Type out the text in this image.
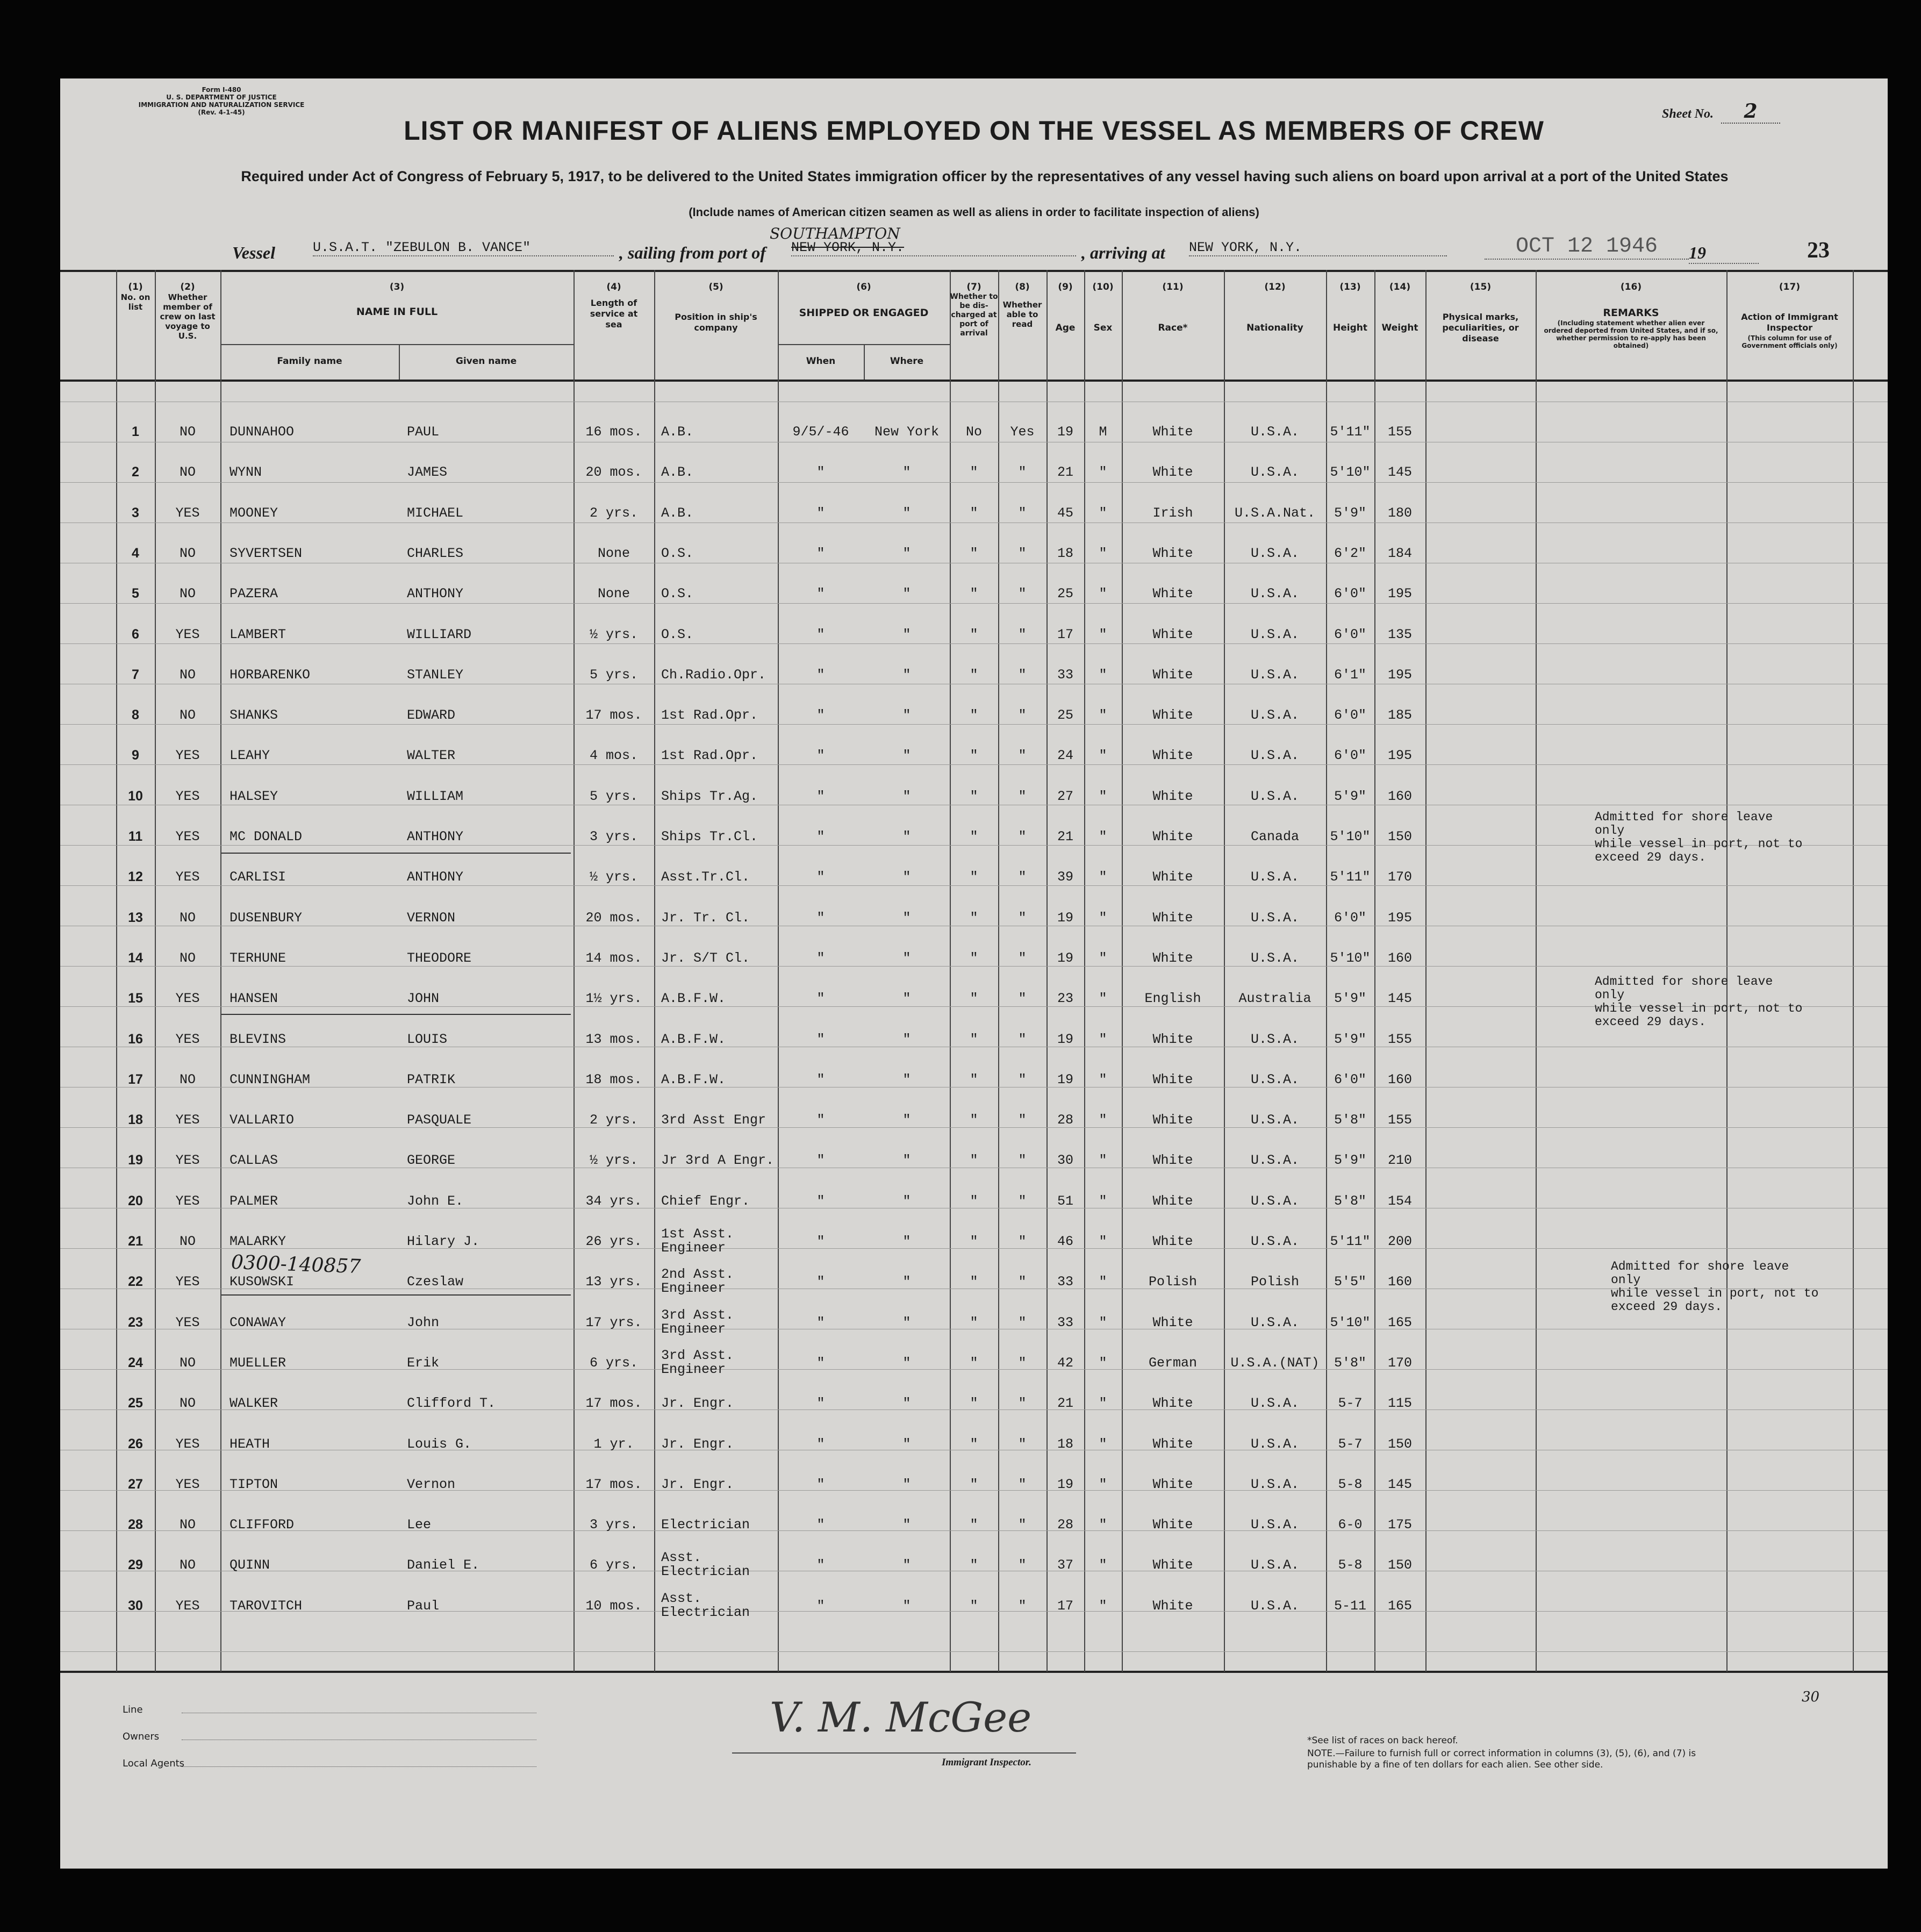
Form I-480
U. S. DEPARTMENT OF JUSTICE
IMMIGRATION AND NATURALIZATION SERVICE
(Rev. 4-1-45)	Sheet No. 2
LIST OR MANIFEST OF ALIENS EMPLOYED ON THE VESSEL AS MEMBERS OF CREW
Required under Act of Congress of February 5, 1917, to be delivered to the United States immigration officer by the representatives of any vessel having such aliens on board upon arrival at a port of the United States
(Include names of American citizen seamen as well as aliens in order to facilitate inspection of aliens)
Vessel	U.S.A.T. "ZEBULON B. VANCE"	, sailing from port of
SOUTHAMPTON
NEW YORK, N.Y.	, arriving at NEW YORK, N.Y.	OCT 12 1946	19	23
(1)
No. on list
(2)
Whether member of crew on last voyage to U.S.
(3)
NAME IN FULL
Family name	Given name
(4)
Length of service at sea
(5)
Position in ship's company
(6)
SHIPPED OR ENGAGED
When	Where
(7)
Whether to be dis-charged at port of arrival
(8)
Whether able to read
(9)
Age
(10)
Sex
(11)
Race*
(12)
Nationality
(13)
Height
(14)
Weight
(15)
Physical marks, peculiarities, or disease
(16)
REMARKS
(Including statement whether alien ever ordered deported from United States, and if so, whether permission to re-apply has been obtained)
(17)
Action of Immigrant Inspector
(This column for use of Government officials only)
1	NO	DUNNAHOO	PAUL	16 mos.	A.B.	9/5/-46	New York	No	Yes	19	M	White	U.S.A.	5'11"	155
2	NO	WYNN	JAMES	20 mos.	A.B.	"	"	"	"	21	"	White	U.S.A.	5'10"	145
3	YES	MOONEY	MICHAEL	2 yrs.	A.B.	"	"	"	"	45	"	Irish	U.S.A.Nat.	5'9"	180
4	NO	SYVERTSEN	CHARLES	None	O.S.	"	"	"	"	18	"	White	U.S.A.	6'2"	184
5	NO	PAZERA	ANTHONY	None	O.S.	"	"	"	"	25	"	White	U.S.A.	6'0"	195
6	YES	LAMBERT	WILLIARD	½ yrs.	O.S.	"	"	"	"	17	"	White	U.S.A.	6'0"	135
7	NO	HORBARENKO	STANLEY	5 yrs.	Ch.Radio.Opr.	"	"	"	"	33	"	White	U.S.A.	6'1"	195
8	NO	SHANKS	EDWARD	17 mos.	1st Rad.Opr.	"	"	"	"	25	"	White	U.S.A.	6'0"	185
9	YES	LEAHY	WALTER	4 mos.	1st Rad.Opr.	"	"	"	"	24	"	White	U.S.A.	6'0"	195
10	YES	HALSEY	WILLIAM	5 yrs.	Ships Tr.Ag.	"	"	"	"	27	"	White	U.S.A.	5'9"	160
11	YES	MC DONALD	ANTHONY	3 yrs.	Ships Tr.Cl.	"	"	"	"	21	"	White	Canada	5'10"	150
12	YES	CARLISI	ANTHONY	½ yrs.	Asst.Tr.Cl.	"	"	"	"	39	"	White	U.S.A.	5'11"	170
13	NO	DUSENBURY	VERNON	20 mos.	Jr. Tr. Cl.	"	"	"	"	19	"	White	U.S.A.	6'0"	195
14	NO	TERHUNE	THEODORE	14 mos.	Jr. S/T Cl.	"	"	"	"	19	"	White	U.S.A.	5'10"	160
15	YES	HANSEN	JOHN	1½ yrs.	A.B.F.W.	"	"	"	"	23	"	English	Australia	5'9"	145
16	YES	BLEVINS	LOUIS	13 mos.	A.B.F.W.	"	"	"	"	19	"	White	U.S.A.	5'9"	155
17	NO	CUNNINGHAM	PATRIK	18 mos.	A.B.F.W.	"	"	"	"	19	"	White	U.S.A.	6'0"	160
18	YES	VALLARIO	PASQUALE	2 yrs.	3rd Asst Engr	"	"	"	"	28	"	White	U.S.A.	5'8"	155
19	YES	CALLAS	GEORGE	½ yrs.	Jr 3rd A Engr.	"	"	"	"	30	"	White	U.S.A.	5'9"	210
20	YES	PALMER	John E.	34 yrs.	Chief Engr.	"	"	"	"	51	"	White	U.S.A.	5'8"	154
21	NO	MALARKY	Hilary J.	26 yrs.	1st Asst.
Engineer	"	"	"	"	46	"	White	U.S.A.	5'11"	200
22	YES	KUSOWSKI	Czeslaw	13 yrs.	2nd Asst.
Engineer	"	"	"	"	33	"	Polish	Polish	5'5"	160
23	YES	CONAWAY	John	17 yrs.	3rd Asst.
Engineer	"	"	"	"	33	"	White	U.S.A.	5'10"	165
24	NO	MUELLER	Erik	6 yrs.	3rd Asst.
Engineer	"	"	"	"	42	"	German	U.S.A.(NAT)	5'8"	170
25	NO	WALKER	Clifford T.	17 mos.	Jr. Engr.	"	"	"	"	21	"	White	U.S.A.	5-7	115
26	YES	HEATH	Louis G.	1 yr.	Jr. Engr.	"	"	"	"	18	"	White	U.S.A.	5-7	150
27	YES	TIPTON	Vernon	17 mos.	Jr. Engr.	"	"	"	"	19	"	White	U.S.A.	5-8	145
28	NO	CLIFFORD	Lee	3 yrs.	Electrician	"	"	"	"	28	"	White	U.S.A.	6-0	175
29	NO	QUINN	Daniel E.	6 yrs.	Asst.
Electrician	"	"	"	"	37	"	White	U.S.A.	5-8	150
30	YES	TAROVITCH	Paul	10 mos.	Asst.
Electrician	"	"	"	"	17	"	White	U.S.A.	5-11	165
Admitted for shore leave only
while vessel in port, not to
exceed 29 days.
Admitted for shore leave only
while vessel in port, not to
exceed 29 days.
Admitted for shore leave only
while vessel in port, not to
exceed 29 days.
0300-140857
Line
Owners
Local Agents
V. M. McGee
Immigrant Inspector.
*See list of races on back hereof.
NOTE.—Failure to furnish full or correct information in columns (3), (5), (6), and (7) is punishable by a fine of ten dollars for each alien. See other side.
30
